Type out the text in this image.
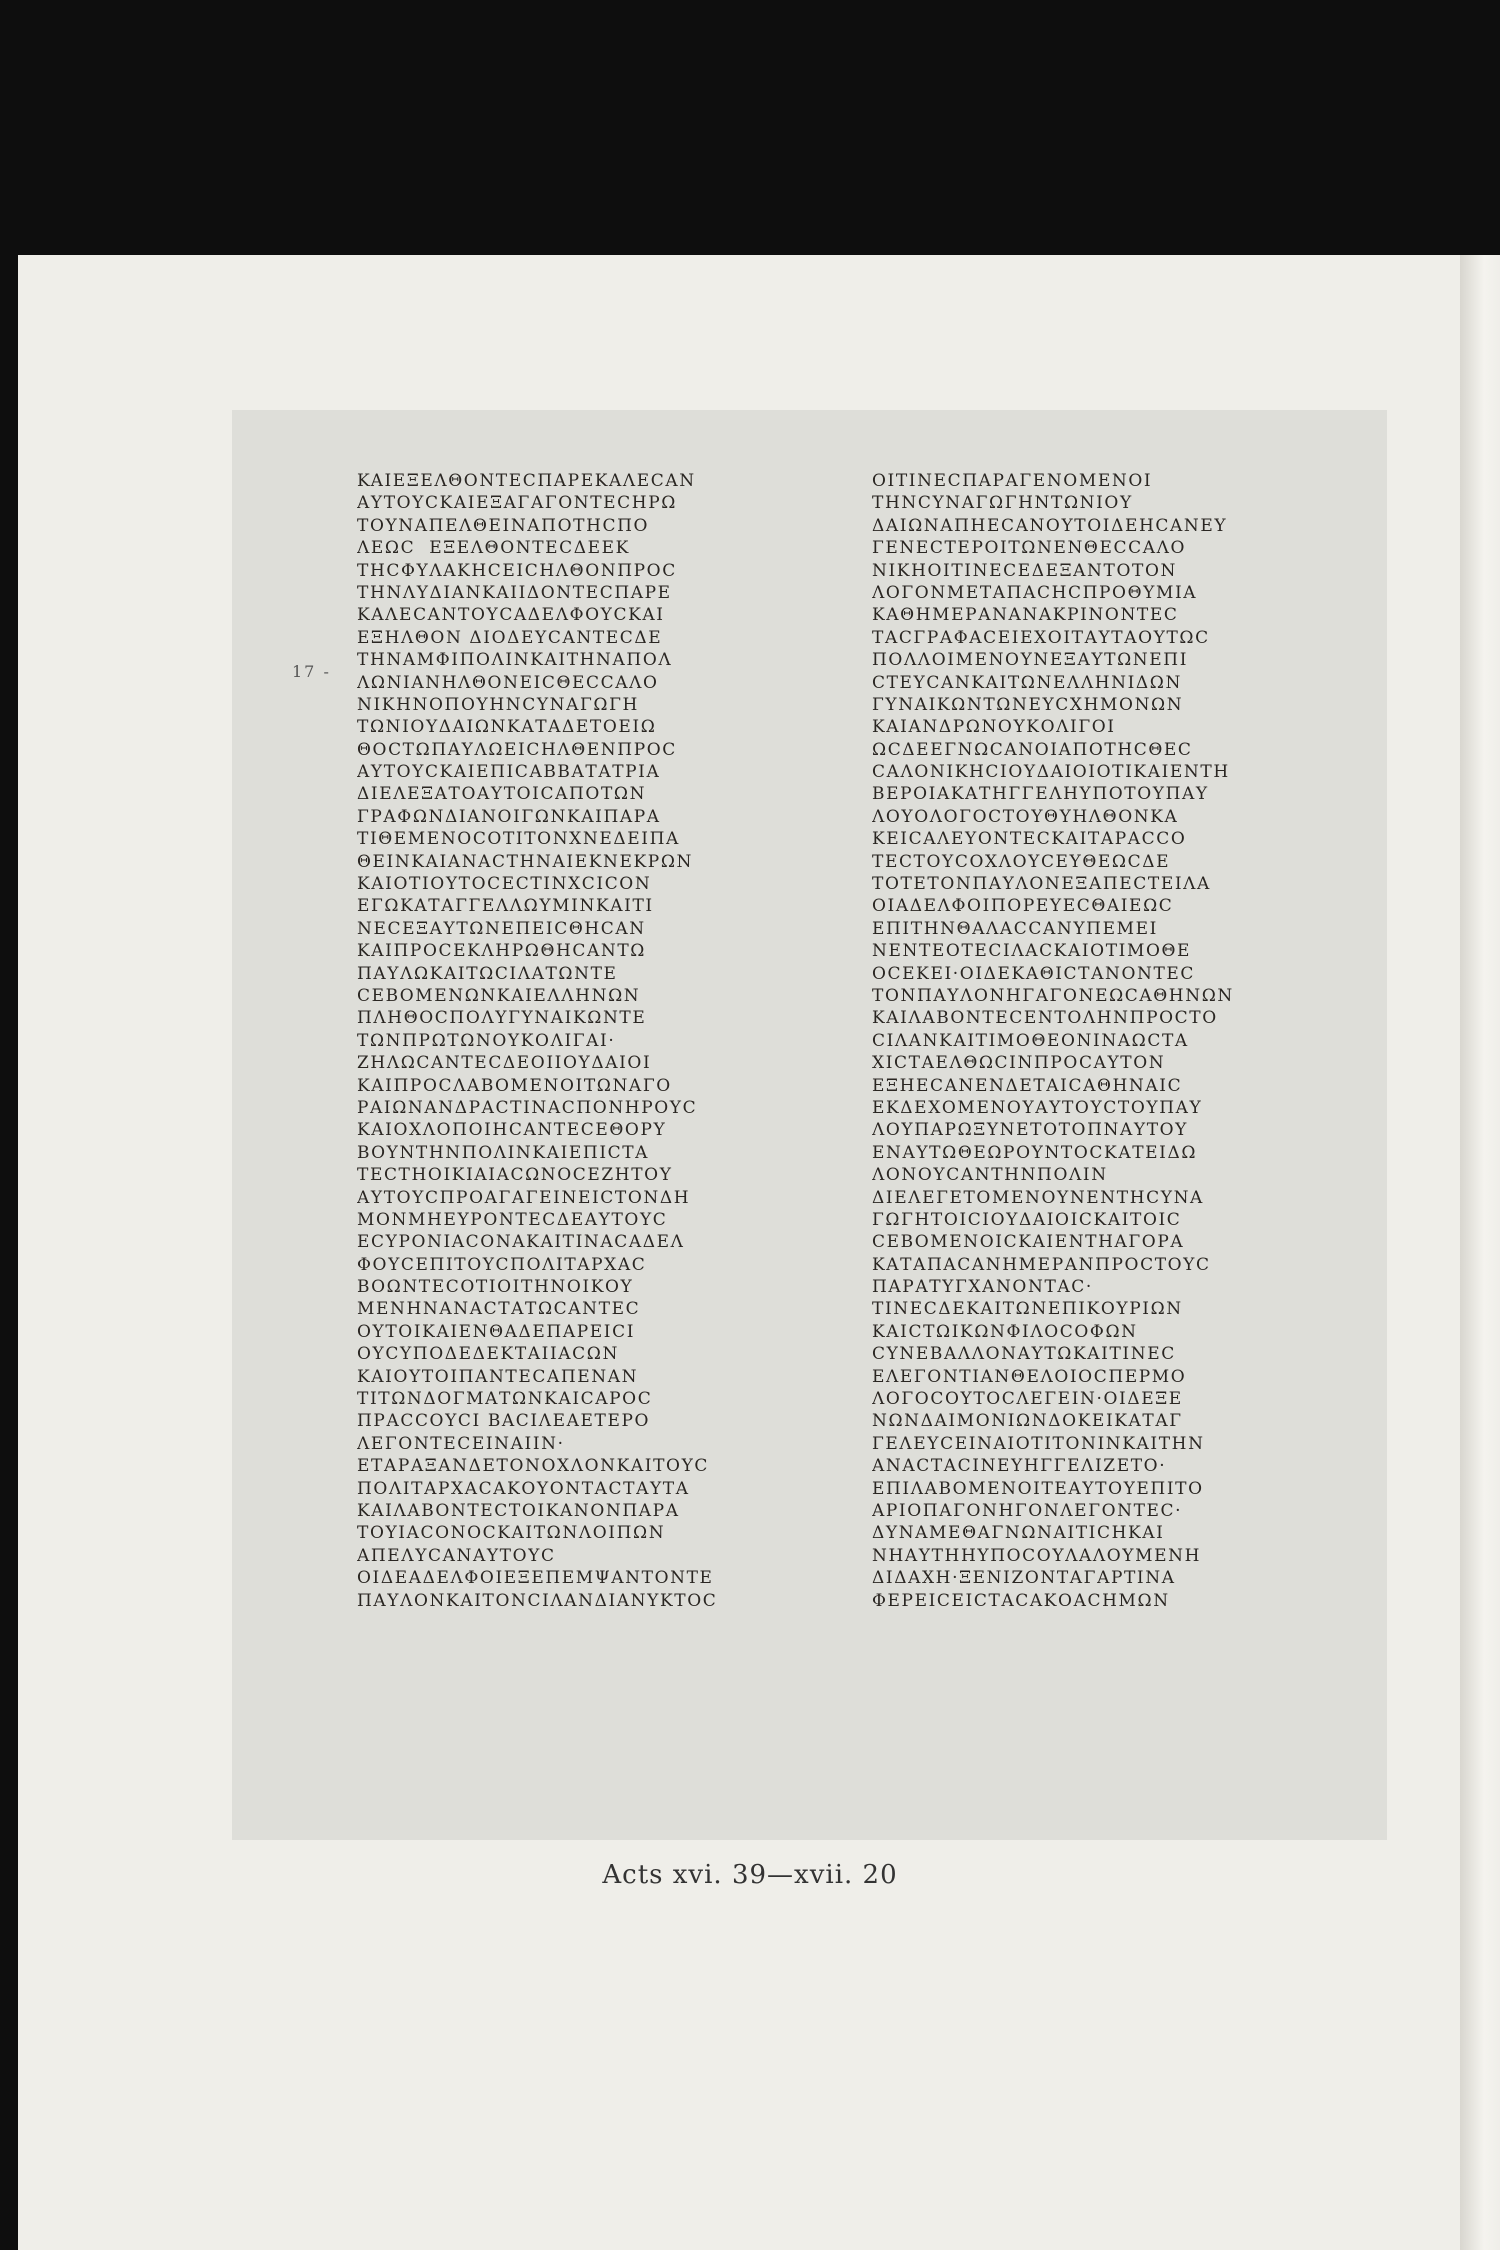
17 -
KAIEΞΕΛΘΟΝΤΕCΠΑΡΕΚΑΛΕCΑΝ
ΑΥΤΟΥCΚΑΙΕΞΑΓΑΓΟΝΤΕCΗΡΩ
ΤΟΥΝΑΠΕΛΘΕΙΝΑΠΟΤΗCΠΟ
ΛΕΩC  ΕΞΕΛΘΟΝΤΕCΔΕΕΚ
ΤΗCΦΥΛΑΚΗCΕΙCΗΛΘΟΝΠΡΟC
ΤΗΝΛΥΔΙΑΝΚΑΙΙΔΟΝΤΕCΠΑΡΕ
ΚΑΛΕCΑΝΤΟΥCΑΔΕΛΦΟΥCΚΑΙ
ΕΞΗΛΘΟΝ ΔΙΟΔΕΥCΑΝΤΕCΔΕ
ΤΗΝΑΜΦΙΠΟΛΙΝΚΑΙΤΗΝΑΠΟΛ
ΛΩΝΙΑΝΗΛΘΟΝΕΙCΘΕCCΑΛΟ
ΝΙΚΗΝΟΠΟΥΗΝCΥΝΑΓΩΓΗ
ΤΩΝΙΟΥΔΑΙΩΝΚΑΤΑΔΕΤΟΕΙΩ
ΘΟCΤΩΠΑΥΛΩΕΙCΗΛΘΕΝΠΡΟC
ΑΥΤΟΥCΚΑΙΕΠΙCΑΒΒΑΤΑΤΡΙΑ
ΔΙΕΛΕΞΑΤΟΑΥΤΟΙCΑΠΟΤΩΝ
ΓΡΑΦΩΝΔΙΑΝΟΙΓΩΝΚΑΙΠΑΡΑ
ΤΙΘΕΜΕΝΟCΟΤΙΤΟΝΧΝΕΔΕΙΠΑ
ΘΕΙΝΚΑΙΑΝΑCΤΗΝΑΙΕΚΝΕΚΡΩΝ
ΚΑΙΟΤΙΟΥΤΟCΕCΤΙΝΧCΙCΟΝ
ΕΓΩΚΑΤΑΓΓΕΛΛΩΥΜΙΝΚΑΙΤΙ
ΝΕCΕΞΑΥΤΩΝΕΠΕΙCΘΗCΑΝ
ΚΑΙΠΡΟCΕΚΛΗΡΩΘΗCΑΝΤΩ
ΠΑΥΛΩΚΑΙΤΩCΙΛΑΤΩΝΤΕ
CΕΒΟΜΕΝΩΝΚΑΙΕΛΛΗΝΩΝ
ΠΛΗΘΟCΠΟΛΥΓΥΝΑΙΚΩΝΤΕ
ΤΩΝΠΡΩΤΩΝΟΥΚΟΛΙΓΑΙ·
ΖΗΛΩCΑΝΤΕCΔΕΟΙΙΟΥΔΑΙΟΙ
ΚΑΙΠΡΟCΛΑΒΟΜΕΝΟΙΤΩΝΑΓΟ
ΡΑΙΩΝΑΝΔΡΑCΤΙΝΑCΠΟΝΗΡΟΥC
ΚΑΙΟΧΛΟΠΟΙΗCΑΝΤΕCΕΘΟΡΥ
ΒΟΥΝΤΗΝΠΟΛΙΝΚΑΙΕΠΙCΤΑ
ΤΕCΤΗΟΙΚΙΑΙΑCΩΝΟCΕΖΗΤΟΥ
ΑΥΤΟΥCΠΡΟΑΓΑΓΕΙΝΕΙCΤΟΝΔΗ
ΜΟΝΜΗΕΥΡΟΝΤΕCΔΕΑΥΤΟΥC
ΕCΥΡΟΝΙΑCΟΝΑΚΑΙΤΙΝΑCΑΔΕΛ
ΦΟΥCΕΠΙΤΟΥCΠΟΛΙΤΑΡΧΑC
ΒΟΩΝΤΕCΟΤΙΟΙΤΗΝΟΙΚΟΥ
ΜΕΝΗΝΑΝΑCΤΑΤΩCΑΝΤΕC
ΟΥΤΟΙΚΑΙΕΝΘΑΔΕΠΑΡΕΙCΙ
ΟΥCΥΠΟΔΕΔΕΚΤΑΙΙΑCΩΝ
ΚΑΙΟΥΤΟΙΠΑΝΤΕCΑΠΕΝΑΝ
ΤΙΤΩΝΔΟΓΜΑΤΩΝΚΑΙCΑΡΟC
ΠΡΑCCΟΥCΙ ΒΑCΙΛΕΑΕΤΕΡΟ
ΛΕΓΟΝΤΕCΕΙΝΑΙΙΝ·
ΕΤΑΡΑΞΑΝΔΕΤΟΝΟΧΛΟΝΚΑΙΤΟΥC
ΠΟΛΙΤΑΡΧΑCΑΚΟΥΟΝΤΑCΤΑΥΤΑ
ΚΑΙΛΑΒΟΝΤΕCΤΟΙΚΑΝΟΝΠΑΡΑ
ΤΟΥΙΑCΟΝΟCΚΑΙΤΩΝΛΟΙΠΩΝ
ΑΠΕΛΥCΑΝΑΥΤΟΥC
ΟΙΔΕΑΔΕΛΦΟΙΕΞΕΠΕΜΨΑΝΤΟΝΤΕ
ΠΑΥΛΟΝΚΑΙΤΟΝCΙΛΑΝΔΙΑΝΥΚΤΟC
ΟΙΤΙΝΕCΠΑΡΑΓΕΝΟΜΕΝΟΙ
ΤΗΝCΥΝΑΓΩΓΗΝΤΩΝΙΟΥ
ΔΑΙΩΝΑΠΗΕCΑΝΟΥΤΟΙΔΕΗCΑΝΕΥ
ΓΕΝΕCΤΕΡΟΙΤΩΝΕΝΘΕCCΑΛΟ
ΝΙΚΗΟΙΤΙΝΕCΕΔΕΞΑΝΤΟΤΟΝ
ΛΟΓΟΝΜΕΤΑΠΑCΗCΠΡΟΘΥΜΙΑ
ΚΑΘΗΜΕΡΑΝΑΝΑΚΡΙΝΟΝΤΕC
ΤΑCΓΡΑΦΑCΕΙΕΧΟΙΤΑΥΤΑΟΥΤΩC
ΠΟΛΛΟΙΜΕΝΟΥΝΕΞΑΥΤΩΝΕΠΙ
CΤΕΥCΑΝΚΑΙΤΩΝΕΛΛΗΝΙΔΩΝ
ΓΥΝΑΙΚΩΝΤΩΝΕΥCΧΗΜΟΝΩΝ
ΚΑΙΑΝΔΡΩΝΟΥΚΟΛΙΓΟΙ
ΩCΔΕΕΓΝΩCΑΝΟΙΑΠΟΤΗCΘΕC
CΑΛΟΝΙΚΗCΙΟΥΔΑΙΟΙΟΤΙΚΑΙΕΝΤΗ
ΒΕΡΟΙΑΚΑΤΗΓΓΕΛΗΥΠΟΤΟΥΠΑΥ
ΛΟΥΟΛΟΓΟCΤΟΥΘΥΗΛΘΟΝΚΑ
ΚΕΙCΑΛΕΥΟΝΤΕCΚΑΙΤΑΡΑCCΟ
ΤΕCΤΟΥCΟΧΛΟΥCΕΥΘΕΩCΔΕ
ΤΟΤΕΤΟΝΠΑΥΛΟΝΕΞΑΠΕCΤΕΙΛΑ
ΟΙΑΔΕΛΦΟΙΠΟΡΕΥΕCΘΑΙΕΩC
ΕΠΙΤΗΝΘΑΛΑCCΑΝΥΠΕΜΕΙ
ΝΕΝΤΕΟΤΕCΙΛΑCΚΑΙΟΤΙΜΟΘΕ
ΟCΕΚΕΙ·ΟΙΔΕΚΑΘΙCΤΑΝΟΝΤΕC
ΤΟΝΠΑΥΛΟΝΗΓΑΓΟΝΕΩCΑΘΗΝΩΝ
ΚΑΙΛΑΒΟΝΤΕCΕΝΤΟΛΗΝΠΡΟCΤΟ
CΙΛΑΝΚΑΙΤΙΜΟΘΕΟΝΙΝΑΩCΤΑ
ΧΙCΤΑΕΛΘΩCΙΝΠΡΟCΑΥΤΟΝ
ΕΞΗΕCΑΝΕΝΔΕΤΑΙCΑΘΗΝΑΙC
ΕΚΔΕΧΟΜΕΝΟΥΑΥΤΟΥCΤΟΥΠΑΥ
ΛΟΥΠΑΡΩΞΥΝΕΤΟΤΟΠΝΑΥΤΟΥ
ΕΝΑΥΤΩΘΕΩΡΟΥΝΤΟCΚΑΤΕΙΔΩ
ΛΟΝΟΥCΑΝΤΗΝΠΟΛΙΝ
ΔΙΕΛΕΓΕΤΟΜΕΝΟΥΝΕΝΤΗCΥΝΑ
ΓΩΓΗΤΟΙCΙΟΥΔΑΙΟΙCΚΑΙΤΟΙC
CΕΒΟΜΕΝΟΙCΚΑΙΕΝΤΗΑΓΟΡΑ
ΚΑΤΑΠΑCΑΝΗΜΕΡΑΝΠΡΟCΤΟΥC
ΠΑΡΑΤΥΓΧΑΝΟΝΤΑC·
ΤΙΝΕCΔΕΚΑΙΤΩΝΕΠΙΚΟΥΡΙΩΝ
ΚΑΙCΤΩΙΚΩΝΦΙΛΟCΟΦΩΝ
CΥΝΕΒΑΛΛΟΝΑΥΤΩΚΑΙΤΙΝΕC
ΕΛΕΓΟΝΤΙΑΝΘΕΛΟΙΟCΠΕΡΜΟ
ΛΟΓΟCΟΥΤΟCΛΕΓΕΙΝ·ΟΙΔΕΞΕ
ΝΩΝΔΑΙΜΟΝΙΩΝΔΟΚΕΙΚΑΤΑΓ
ΓΕΛΕΥCΕΙΝΑΙΟΤΙΤΟΝΙΝΚΑΙΤΗΝ
ΑΝΑCΤΑCΙΝΕΥΗΓΓΕΛΙΖΕΤΟ·
ΕΠΙΛΑΒΟΜΕΝΟΙΤΕΑΥΤΟΥΕΠΙΤΟ
ΑΡΙΟΠΑΓΟΝΗΓΟΝΛΕΓΟΝΤΕC·
ΔΥΝΑΜΕΘΑΓΝΩΝΑΙΤΙCΗΚΑΙ
ΝΗΑΥΤΗΗΥΠΟCΟΥΛΑΛΟΥΜΕΝΗ
ΔΙΔΑΧΗ·ΞΕΝΙΖΟΝΤΑΓΑΡΤΙΝΑ
ΦΕΡΕΙCΕΙCΤΑCΑΚΟΑCΗΜΩΝ
Acts xvi. 39—xvii. 20
